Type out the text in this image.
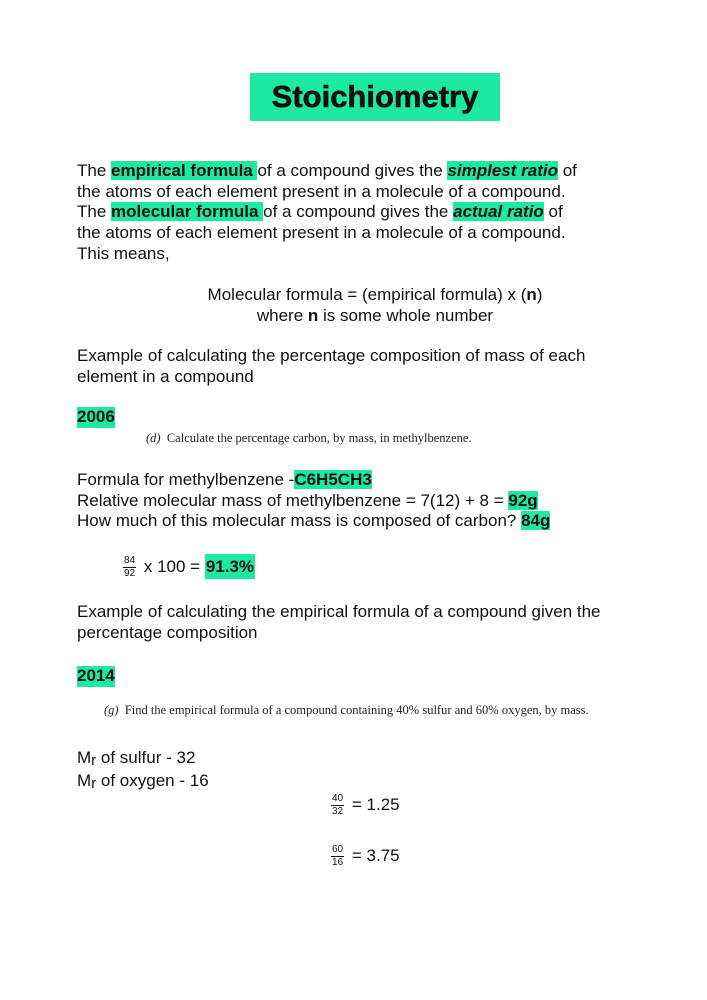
Stoichiometry
The empirical formula of a compound gives the simplest ratio of
the atoms of each element present in a molecule of a compound.
The molecular formula of a compound gives the actual ratio of
the atoms of each element present in a molecule of a compound.
This means,
Molecular formula = (empirical formula) x (n)
where n is some whole number
Example of calculating the percentage composition of mass of each
element in a compound
2006
(d) Calculate the percentage carbon, by mass, in methylbenzene.
Formula for methylbenzene -C6H5CH3
Relative molecular mass of methylbenzene = 7(12) + 8 = 92g
How much of this molecular mass is composed of carbon? 84g
$\frac{84}{92}$ x 100 = 91.3%
Example of calculating the empirical formula of a compound given the
percentage composition
2014
(g) Find the empirical formula of a compound containing 40% sulfur and 60% oxygen, by mass.
Mr of sulfur - 32
Mr of oxygen - 16
$\frac{40}{32} = 1.25$
$\frac{60}{16} = 3.75$
